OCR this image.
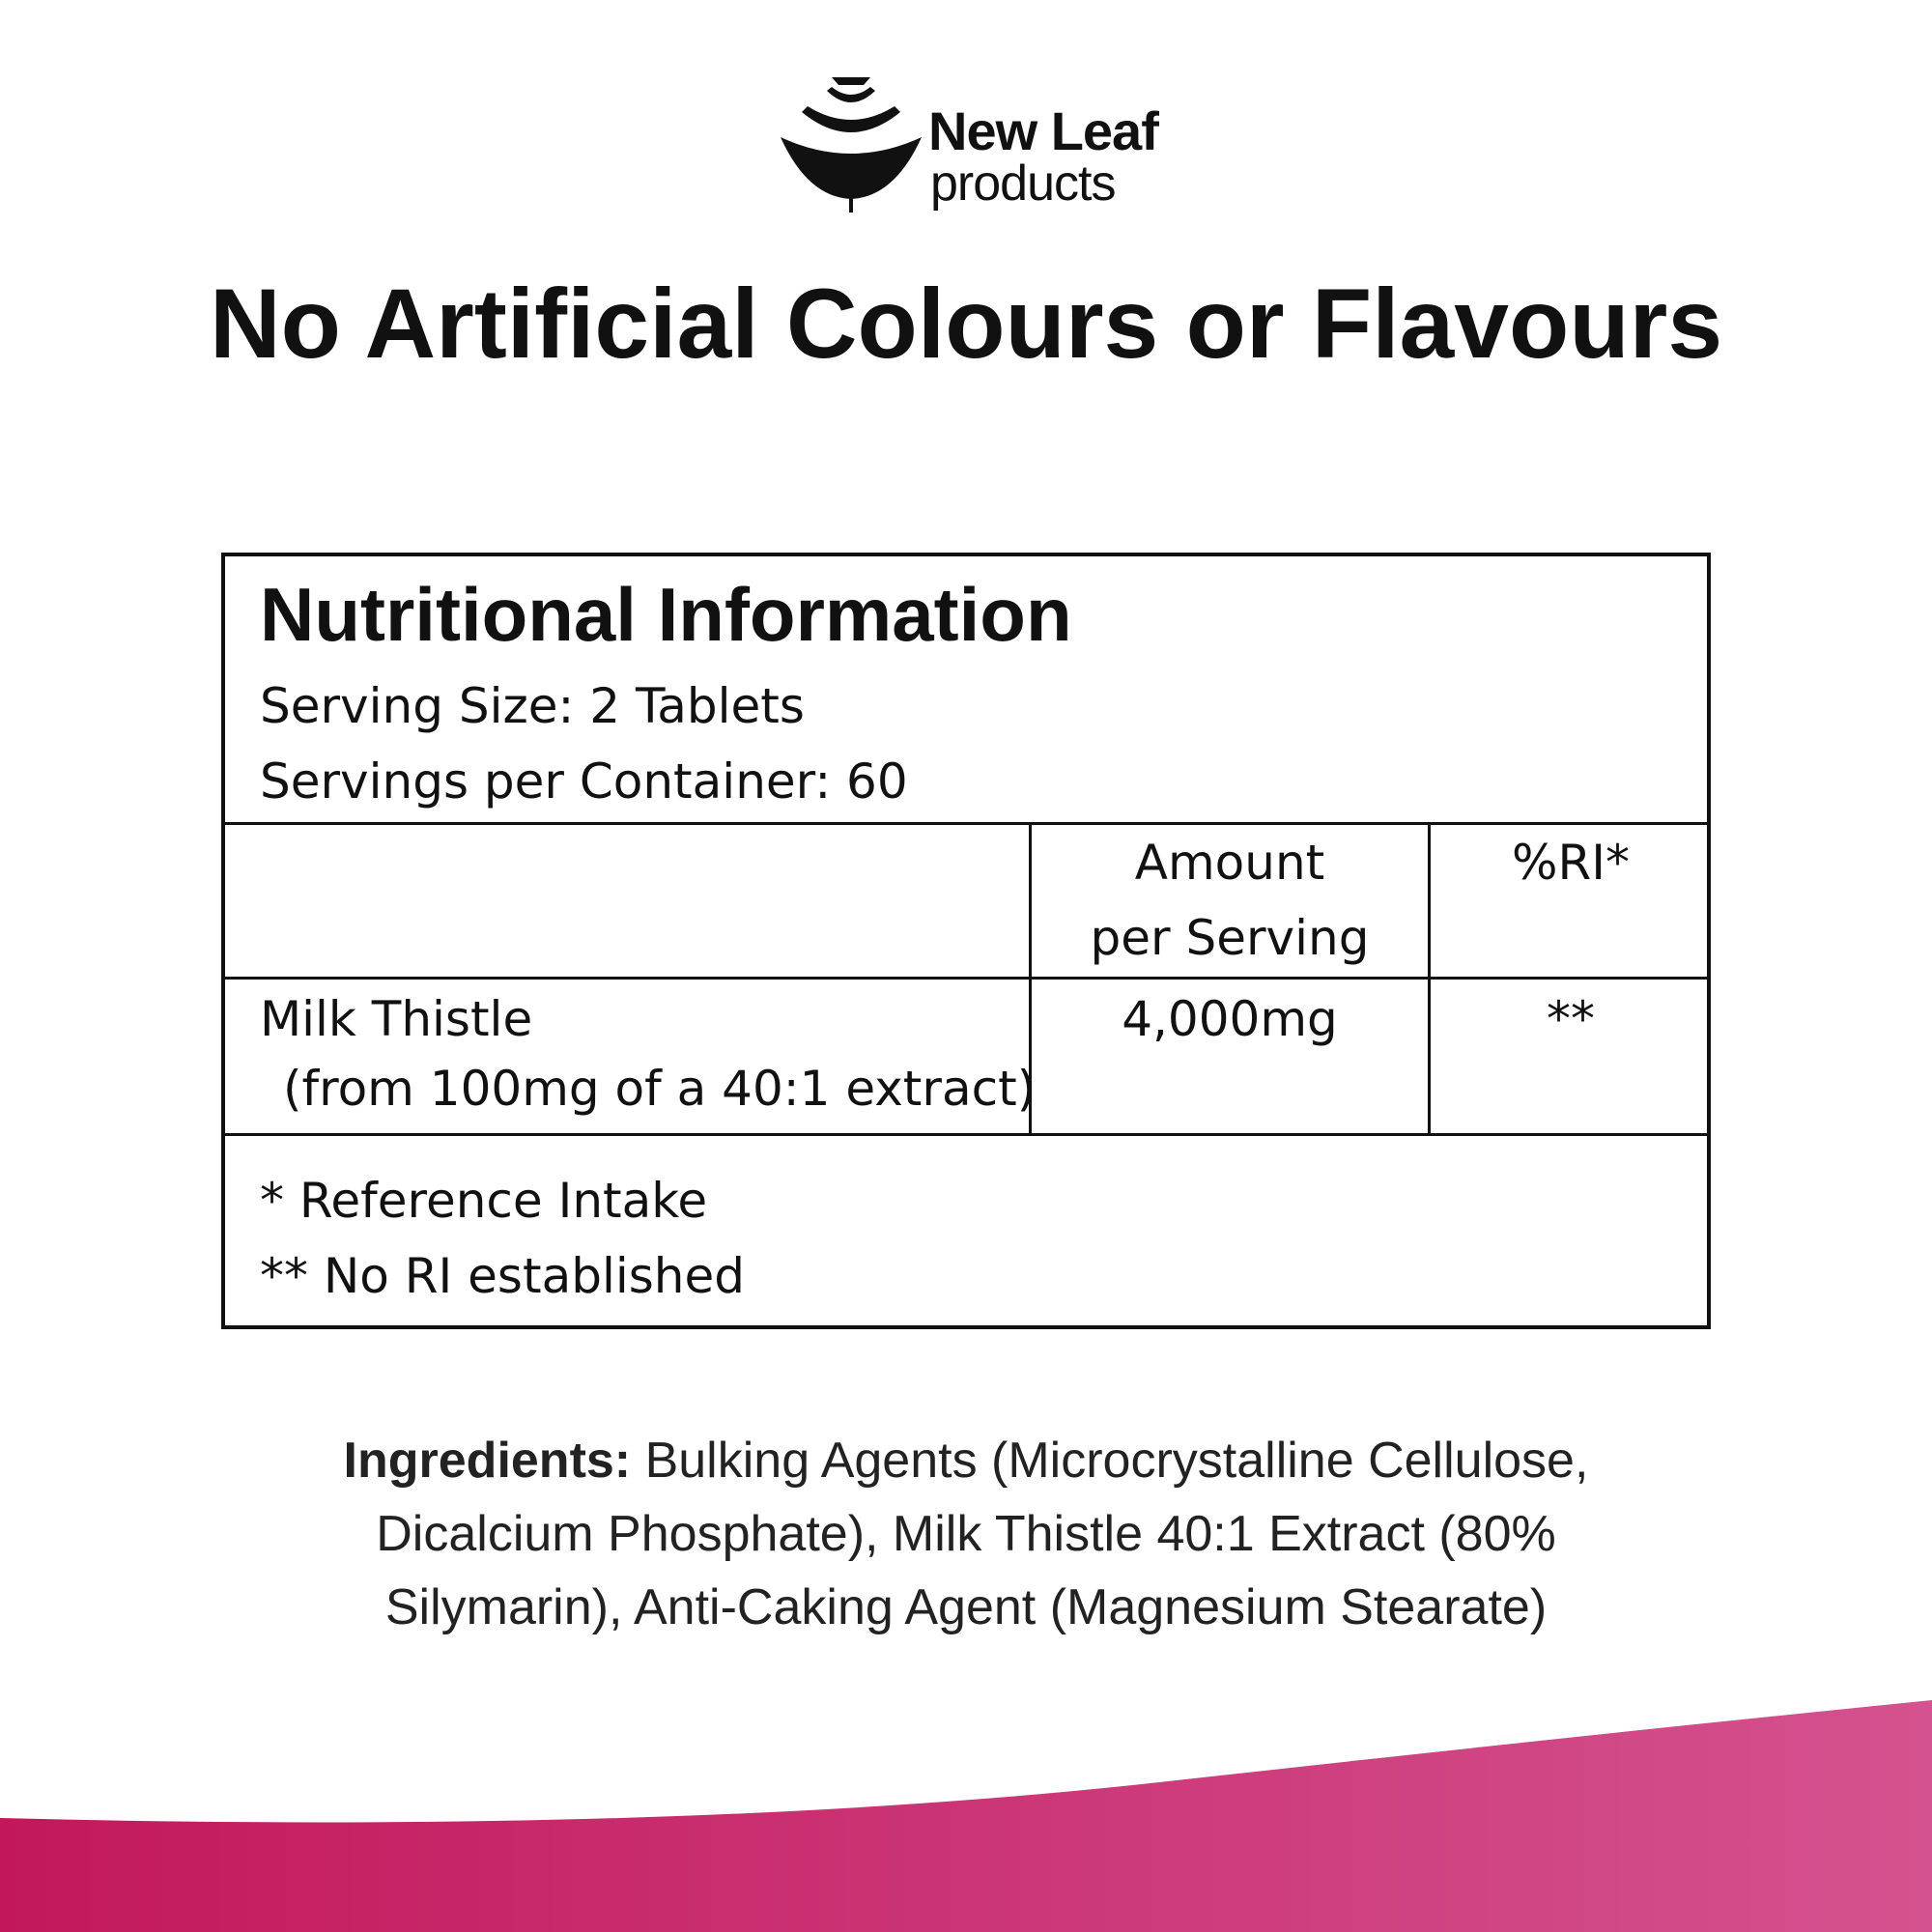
New Leaf
products
No Artificial Colours or Flavours
Nutritional Information
Serving Size: 2 Tablets
Servings per Container: 60
Amount
per Serving
%RI*
Milk Thistle
(from 100mg of a 40:1 extract)
4,000mg	**
* Reference Intake
** No RI established
Ingredients: Bulking Agents (Microcrystalline Cellulose, Dicalcium Phosphate), Milk Thistle 40:1 Extract (80% Silymarin), Anti-Caking Agent (Magnesium Stearate)
